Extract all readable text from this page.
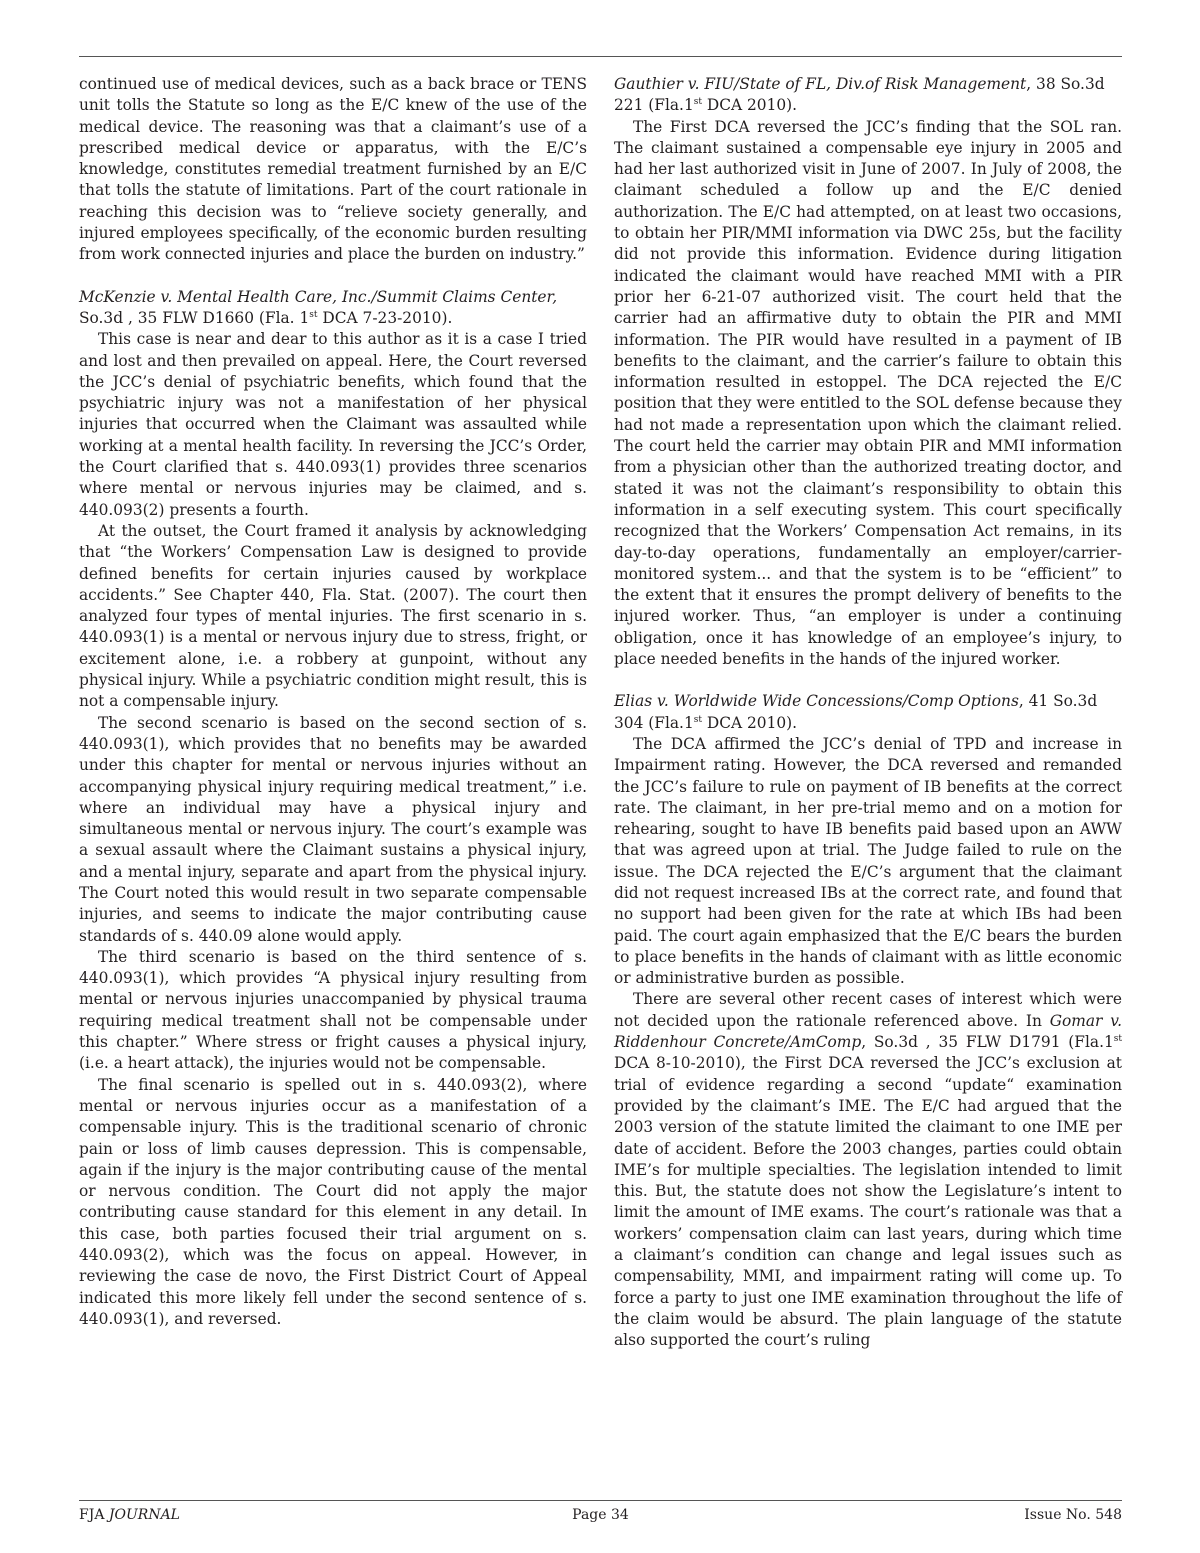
continued use of medical devices, such as a back brace or TENS unit tolls the Statute so long as the E/C knew of the use of the medical device. The reasoning was that a claimant’s use of a prescribed medical device or apparatus, with the E/C’s knowledge, constitutes remedial treatment furnished by an E/C that tolls the statute of limitations. Part of the court rationale in reaching this decision was to “relieve society generally, and injured employees specifically, of the economic burden resulting from work connected injuries and place the burden on industry.”

McKenzie v. Mental Health Care, Inc./Summit Claims Center, So.3d , 35 FLW D1660 (Fla. 1st DCA 7-23-2010).

This case is near and dear to this author as it is a case I tried and lost and then prevailed on appeal. Here, the Court reversed the JCC’s denial of psychiatric benefits, which found that the psychiatric injury was not a manifestation of her physical injuries that occurred when the Claimant was assaulted while working at a mental health facility. In reversing the JCC’s Order, the Court clarified that s. 440.093(1) provides three scenarios where mental or nervous injuries may be claimed, and s. 440.093(2) presents a fourth.

At the outset, the Court framed it analysis by acknowledging that “the Workers’ Compensation Law is designed to provide defined benefits for certain injuries caused by workplace accidents.” See Chapter 440, Fla. Stat. (2007). The court then analyzed four types of mental injuries. The first scenario in s. 440.093(1) is a mental or nervous injury due to stress, fright, or excitement alone, i.e. a robbery at gunpoint, without any physical injury. While a psychiatric condition might result, this is not a compensable injury.

The second scenario is based on the second section of s. 440.093(1), which provides that no benefits may be awarded under this chapter for mental or nervous injuries without an accompanying physical injury requiring medical treatment,” i.e. where an individual may have a physical injury and simultaneous mental or nervous injury. The court’s example was a sexual assault where the Claimant sustains a physical injury, and a mental injury, separate and apart from the physical injury. The Court noted this would result in two separate compensable injuries, and seems to indicate the major contributing cause standards of s. 440.09 alone would apply.

The third scenario is based on the third sentence of s. 440.093(1), which provides “A physical injury resulting from mental or nervous injuries unaccompanied by physical trauma requiring medical treatment shall not be compensable under this chapter.” Where stress or fright causes a physical injury, (i.e. a heart attack), the injuries would not be compensable.

The final scenario is spelled out in s. 440.093(2), where mental or nervous injuries occur as a manifestation of a compensable injury. This is the traditional scenario of chronic pain or loss of limb causes depression. This is compensable, again if the injury is the major contributing cause of the mental or nervous condition. The Court did not apply the major contributing cause standard for this element in any detail. In this case, both parties focused their trial argument on s. 440.093(2), which was the focus on appeal. However, in reviewing the case de novo, the First District Court of Appeal indicated this more likely fell under the second sentence of s. 440.093(1), and reversed.

Gauthier v. FIU/State of FL, Div.of Risk Management, 38 So.3d 221 (Fla.1st DCA 2010).

The First DCA reversed the JCC’s finding that the SOL ran. The claimant sustained a compensable eye injury in 2005 and had her last authorized visit in June of 2007. In July of 2008, the claimant scheduled a follow up and the E/C denied authorization. The E/C had attempted, on at least two occasions, to obtain her PIR/MMI information via DWC 25s, but the facility did not provide this information. Evidence during litigation indicated the claimant would have reached MMI with a PIR prior her 6-21-07 authorized visit. The court held that the carrier had an affirmative duty to obtain the PIR and MMI information. The PIR would have resulted in a payment of IB benefits to the claimant, and the carrier’s failure to obtain this information resulted in estoppel. The DCA rejected the E/C position that they were entitled to the SOL defense because they had not made a representation upon which the claimant relied. The court held the carrier may obtain PIR and MMI information from a physician other than the authorized treating doctor, and stated it was not the claimant’s responsibility to obtain this information in a self executing system. This court specifically recognized that the Workers’ Compensation Act remains, in its day-to-day operations, fundamentally an employer/carrier-monitored system... and that the system is to be “efficient” to the extent that it ensures the prompt delivery of benefits to the injured worker. Thus, “an employer is under a continuing obligation, once it has knowledge of an employee’s injury, to place needed benefits in the hands of the injured worker.

Elias v. Worldwide Wide Concessions/Comp Options, 41 So.3d 304 (Fla.1st DCA 2010).

The DCA affirmed the JCC’s denial of TPD and increase in Impairment rating. However, the DCA reversed and remanded the JCC’s failure to rule on payment of IB benefits at the correct rate. The claimant, in her pre-trial memo and on a motion for rehearing, sought to have IB benefits paid based upon an AWW that was agreed upon at trial. The Judge failed to rule on the issue. The DCA rejected the E/C’s argument that the claimant did not request increased IBs at the correct rate, and found that no support had been given for the rate at which IBs had been paid. The court again emphasized that the E/C bears the burden to place benefits in the hands of claimant with as little economic or administrative burden as possible.

There are several other recent cases of interest which were not decided upon the rationale referenced above. In Gomar v. Riddenhour Concrete/AmComp, So.3d , 35 FLW D1791 (Fla.1st DCA 8-10-2010), the First DCA reversed the JCC’s exclusion at trial of evidence regarding a second “update“ examination provided by the claimant’s IME. The E/C had argued that the 2003 version of the statute limited the claimant to one IME per date of accident. Before the 2003 changes, parties could obtain IME’s for multiple specialties. The legislation intended to limit this. But, the statute does not show the Legislature’s intent to limit the amount of IME exams. The court’s rationale was that a workers’ compensation claim can last years, during which time a claimant’s condition can change and legal issues such as compensability, MMI, and impairment rating will come up. To force a party to just one IME examination throughout the life of the claim would be absurd. The plain language of the statute also supported the court’s ruling

FJA JOURNAL	Page 34	Issue No. 548
